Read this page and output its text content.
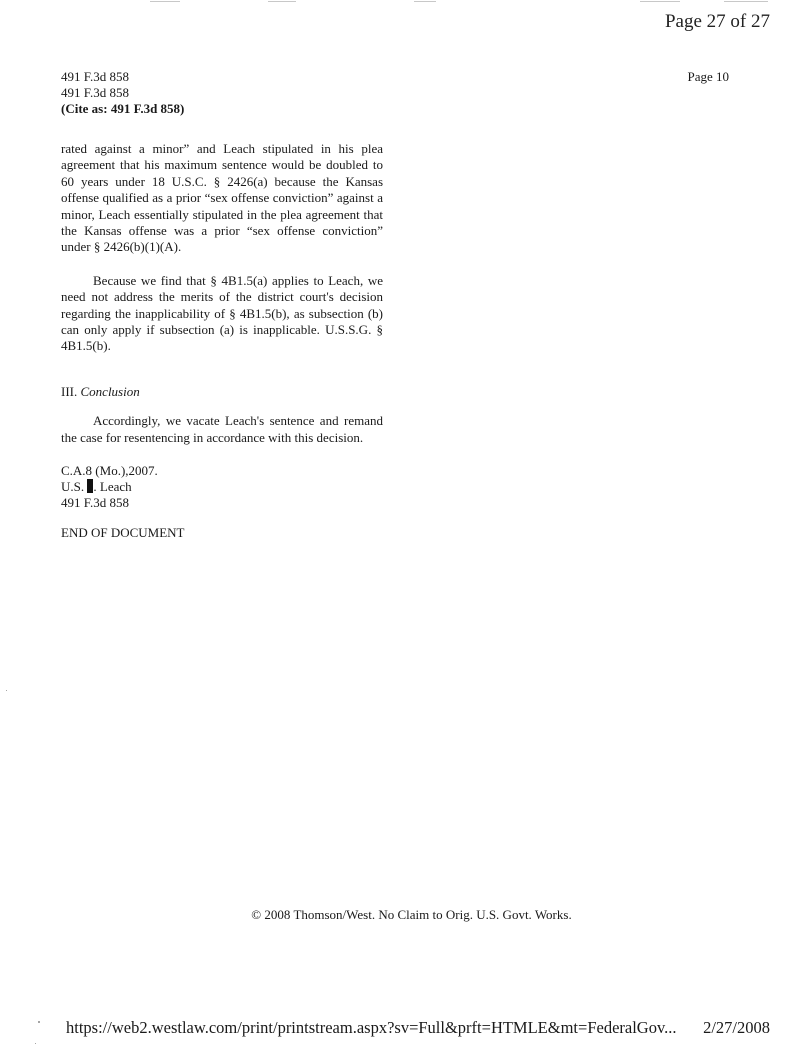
Page 27 of 27
491 F.3d 858
491 F.3d 858
(Cite as: 491 F.3d 858)
Page 10

rated against a minor” and Leach stipulated in his plea agreement that his maximum sentence would be doubled to 60 years under 18 U.S.C. § 2426(a) because the Kansas offense qualified as a prior “sex offense conviction” against a minor, Leach essentially stipulated in the plea agreement that the Kansas offense was a prior “sex offense conviction” under § 2426(b)(1)(A).

Because we find that § 4B1.5(a) applies to Leach, we need not address the merits of the district court's decision regarding the inapplicability of § 4B1.5(b), as subsection (b) can only apply if subsection (a) is inapplicable. U.S.S.G. § 4B1.5(b).

III. Conclusion

Accordingly, we vacate Leach's sentence and remand the case for resentencing in accordance with this decision.

C.A.8 (Mo.),2007.

U.S. . Leach

491 F.3d 858

END OF DOCUMENT

© 2008 Thomson/West. No Claim to Orig. U.S. Govt. Works.
https://web2.westlaw.com/print/printstream.aspx?sv=Full&prft=HTMLE&mt=FederalGov... 2/27/2008
